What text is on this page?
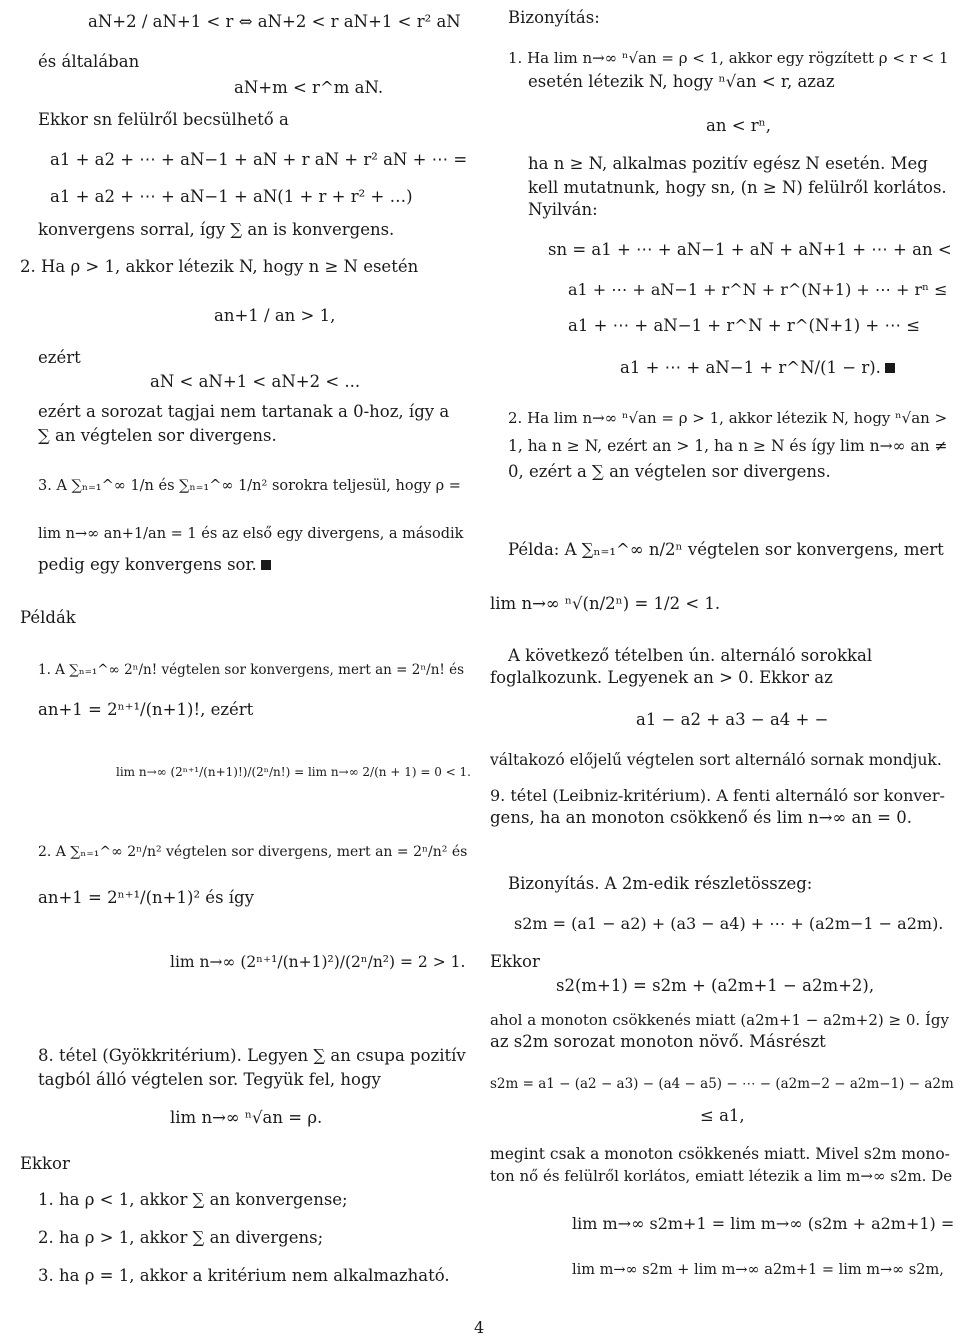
aN+2 / aN+1 < r ⇔ aN+2 < r aN+1 < r² aN
és általában
aN+m < r^m aN.
Ekkor sn felülről becsülhető a
a1 + a2 + ⋯ + aN−1 + aN + r aN + r² aN + ⋯ =
a1 + a2 + ⋯ + aN−1 + aN(1 + r + r² + …)
konvergens sorral, így ∑ an is konvergens.
2. Ha ρ > 1, akkor létezik N, hogy n ≥ N esetén
an+1 / an > 1,
ezért
aN < aN+1 < aN+2 < ...
ezért a sorozat tagjai nem tartanak a 0-hoz, így a
∑ an végtelen sor divergens.
3. A ∑ₙ₌₁^∞ 1/n és ∑ₙ₌₁^∞ 1/n² sorokra teljesül, hogy ρ =
lim n→∞ an+1/an = 1 és az első egy divergens, a második
pedig egy konvergens sor.
Példák
1. A ∑ₙ₌₁^∞ 2ⁿ/n! végtelen sor konvergens, mert an = 2ⁿ/n! és
an+1 = 2ⁿ⁺¹/(n+1)!, ezért
lim n→∞ (2ⁿ⁺¹/(n+1)!)/(2ⁿ/n!) = lim n→∞ 2/(n + 1) = 0 < 1.
2. A ∑ₙ₌₁^∞ 2ⁿ/n² végtelen sor divergens, mert an = 2ⁿ/n² és
an+1 = 2ⁿ⁺¹/(n+1)² és így
lim n→∞ (2ⁿ⁺¹/(n+1)²)/(2ⁿ/n²) = 2 > 1.
8. tétel (Gyökkritérium). Legyen ∑ an csupa pozitív
tagból álló végtelen sor. Tegyük fel, hogy
lim n→∞ ⁿ√an = ρ.
Ekkor
1. ha ρ < 1, akkor ∑ an konvergense;
2. ha ρ > 1, akkor ∑ an divergens;
3. ha ρ = 1, akkor a kritérium nem alkalmazható.
Bizonyítás:
1. Ha lim n→∞ ⁿ√an = ρ < 1, akkor egy rögzített ρ < r < 1
esetén létezik N, hogy ⁿ√an < r, azaz
an < rⁿ,
ha n ≥ N, alkalmas pozitív egész N esetén. Meg
kell mutatnunk, hogy sn, (n ≥ N) felülről korlátos.
Nyilván:
sn = a1 + ⋯ + aN−1 + aN + aN+1 + ⋯ + an <
a1 + ⋯ + aN−1 + r^N + r^(N+1) + ⋯ + rⁿ ≤
a1 + ⋯ + aN−1 + r^N + r^(N+1) + ⋯ ≤
a1 + ⋯ + aN−1 + r^N/(1 − r).
2. Ha lim n→∞ ⁿ√an = ρ > 1, akkor létezik N, hogy ⁿ√an >
1, ha n ≥ N, ezért an > 1, ha n ≥ N és így lim n→∞ an ≠
0, ezért a ∑ an végtelen sor divergens.
Példa: A ∑ₙ₌₁^∞ n/2ⁿ végtelen sor konvergens, mert
lim n→∞ ⁿ√(n/2ⁿ) = 1/2 < 1.
A következő tételben ún. alternáló sorokkal
foglalkozunk. Legyenek an > 0. Ekkor az
a1 − a2 + a3 − a4 + −
váltakozó előjelű végtelen sort alternáló sornak mondjuk.
9. tétel (Leibniz-kritérium). A fenti alternáló sor konver-
gens, ha an monoton csökkenő és lim n→∞ an = 0.
Bizonyítás. A 2m-edik részletösszeg:
s2m = (a1 − a2) + (a3 − a4) + ⋯ + (a2m−1 − a2m).
Ekkor
s2(m+1) = s2m + (a2m+1 − a2m+2),
ahol a monoton csökkenés miatt (a2m+1 − a2m+2) ≥ 0. Így
az s2m sorozat monoton növő. Másrészt
s2m = a1 − (a2 − a3) − (a4 − a5) − ⋯ − (a2m−2 − a2m−1) − a2m
≤ a1,
megint csak a monoton csökkenés miatt. Mivel s2m mono-
ton nő és felülről korlátos, emiatt létezik a lim m→∞ s2m. De
lim m→∞ s2m+1 = lim m→∞ (s2m + a2m+1) =
lim m→∞ s2m + lim m→∞ a2m+1 = lim m→∞ s2m,
4
